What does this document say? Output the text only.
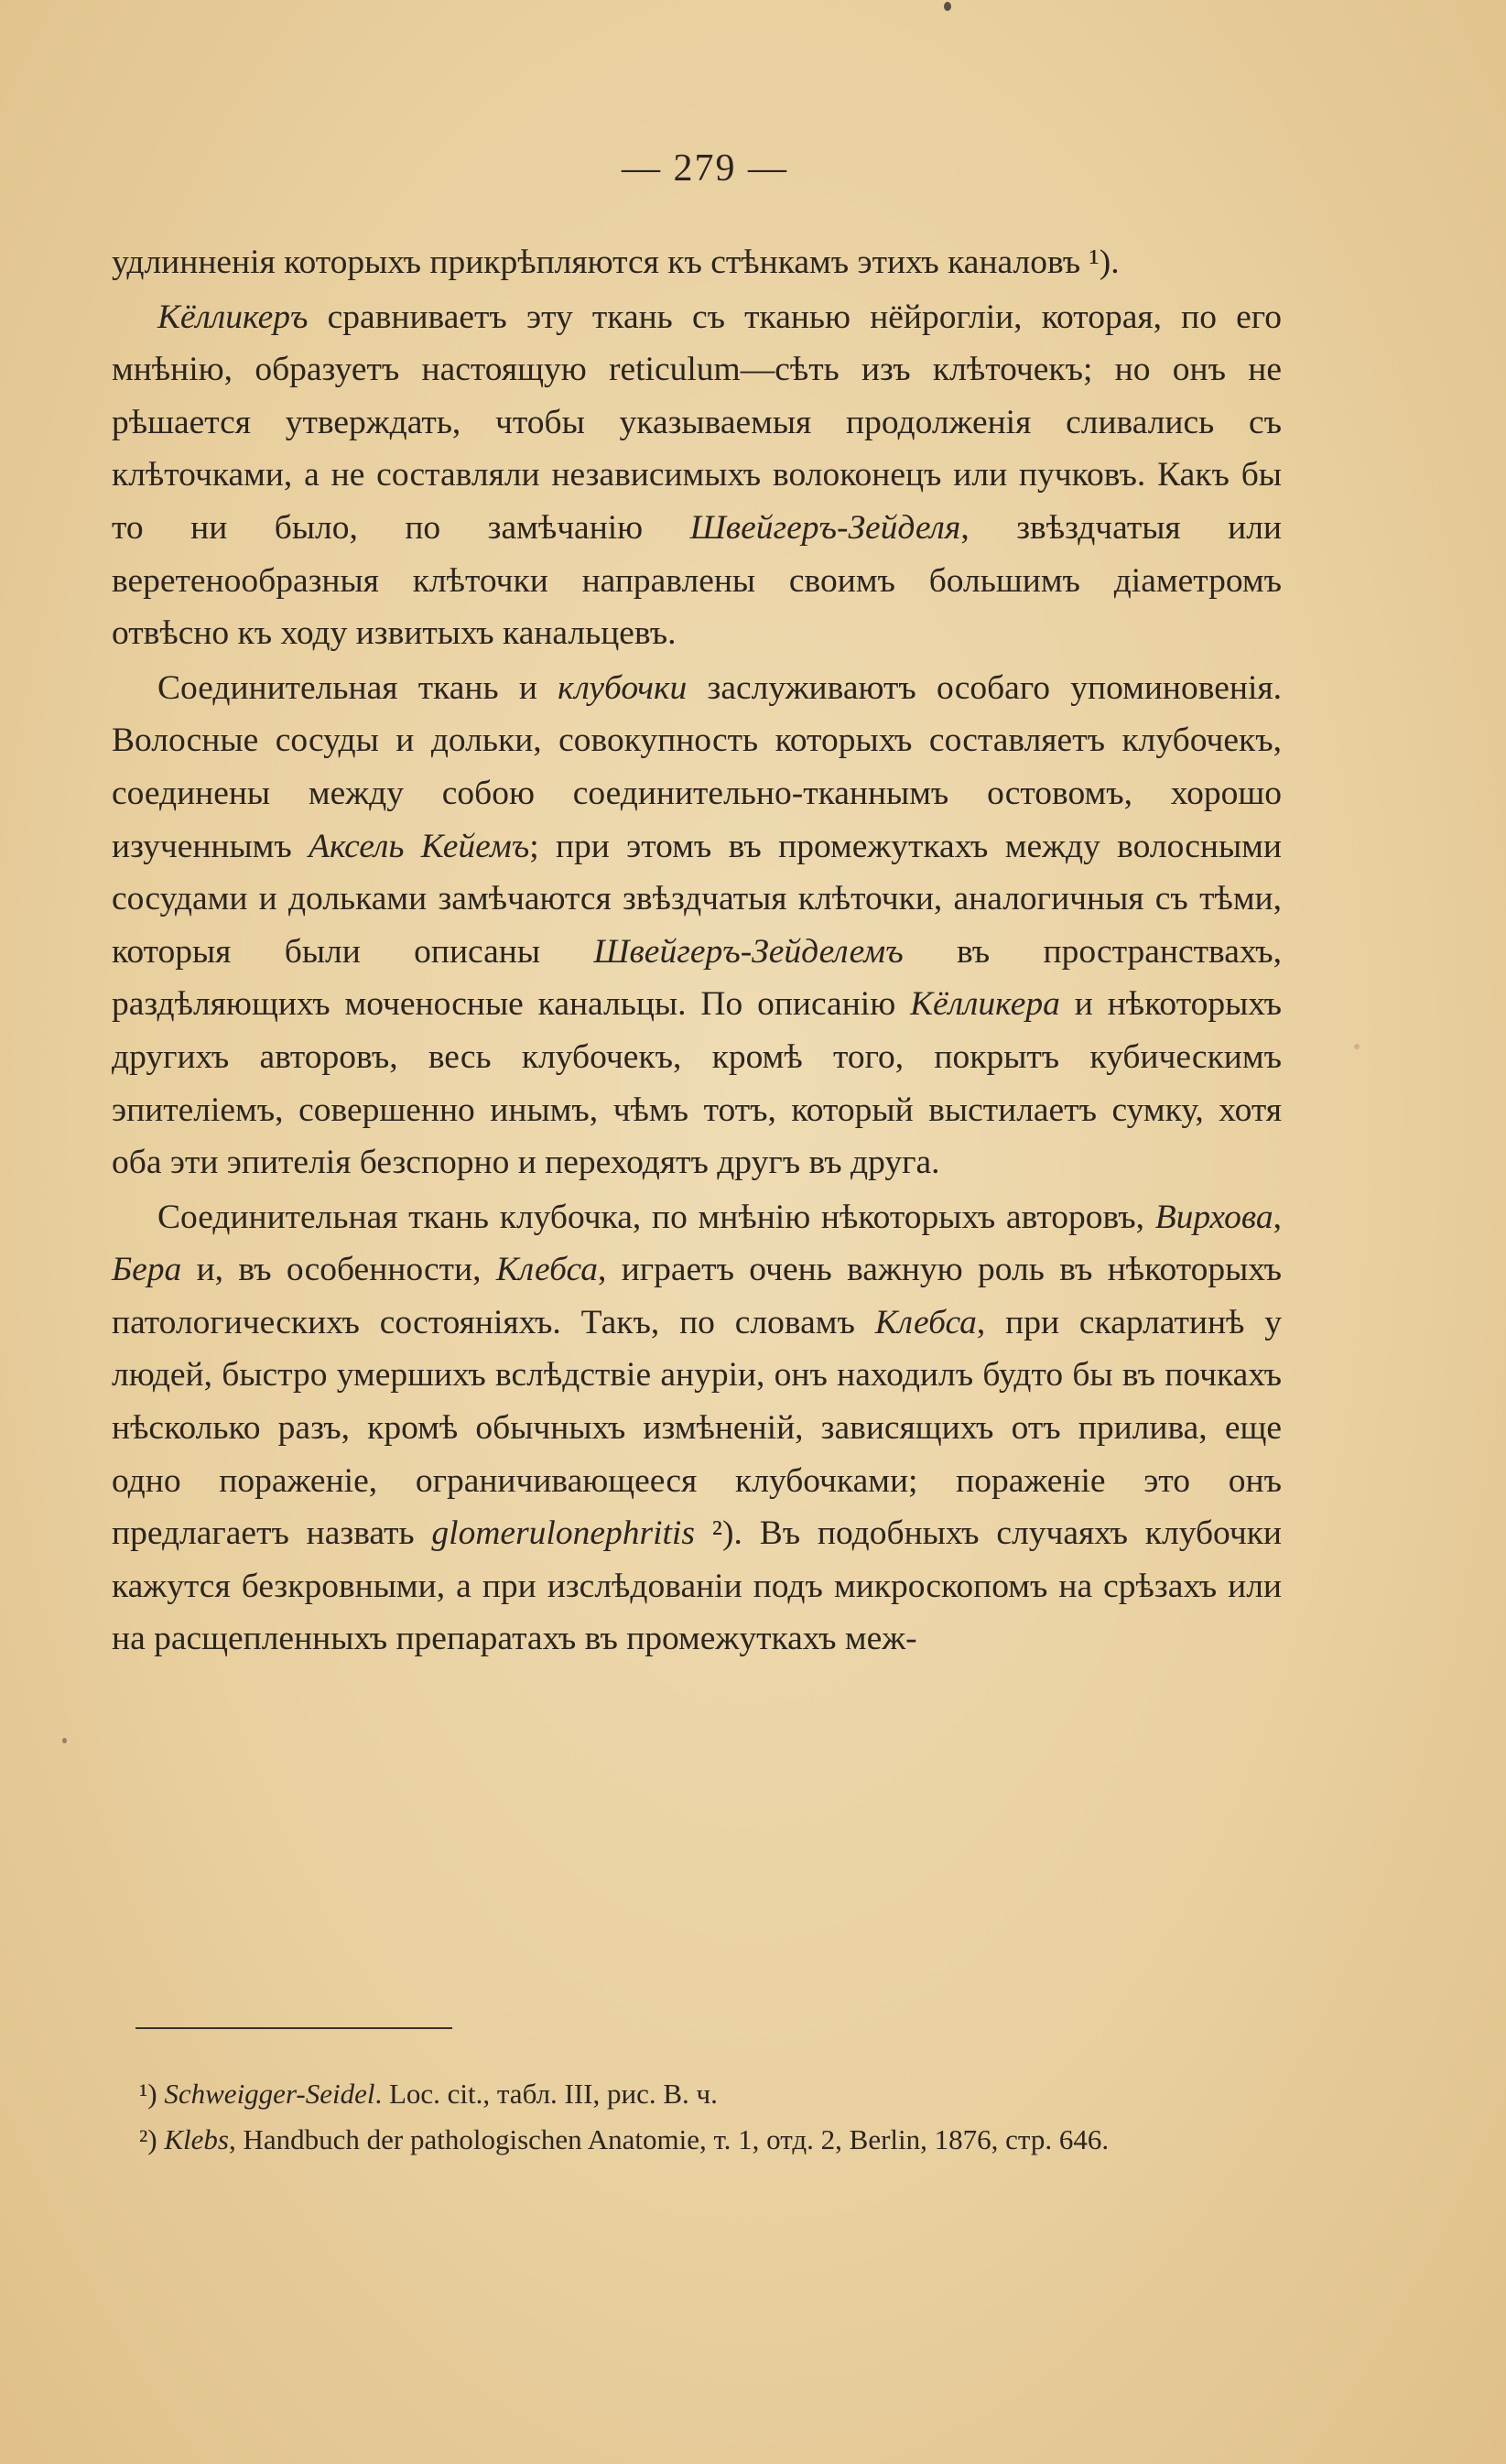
— 279 —

удлинненія которыхъ прикрѣпляются къ стѣнкамъ этихъ каналовъ ¹).

Кёлликеръ сравниваетъ эту ткань съ тканью нёйрогліи, которая, по его мнѣнію, образуетъ настоящую reticulum—сѣть изъ клѣточекъ; но онъ не рѣшается утверждать, чтобы указываемыя продолженія сливались съ клѣточками, а не составляли независимыхъ волоконецъ или пучковъ. Какъ бы то ни было, по замѣчанію Швейгеръ-Зейделя, звѣздчатыя или веретенообразныя клѣточки направлены своимъ большимъ діаметромъ отвѣсно къ ходу извитыхъ канальцевъ.

Соединительная ткань и клубочки заслуживаютъ особаго упоминовенія. Волосные сосуды и дольки, совокупность которыхъ составляетъ клубочекъ, соединены между собою соединительно-тканнымъ остовомъ, хорошо изученнымъ Аксель Кейемъ; при этомъ въ промежуткахъ между волосными сосудами и дольками замѣчаются звѣздчатыя клѣточки, аналогичныя съ тѣми, которыя были описаны Швейгеръ-Зейделемъ въ пространствахъ, раздѣляющихъ моченосные канальцы. По описанію Кёлликера и нѣкоторыхъ другихъ авторовъ, весь клубочекъ, кромѣ того, покрытъ кубическимъ эпителіемъ, совершенно инымъ, чѣмъ тотъ, который выстилаетъ сумку, хотя оба эти эпителія безспорно и переходятъ другъ въ друга.

Соединительная ткань клубочка, по мнѣнію нѣкоторыхъ авторовъ, Вирхова, Бера и, въ особенности, Клебса, играетъ очень важную роль въ нѣкоторыхъ патологическихъ состояніяхъ. Такъ, по словамъ Клебса, при скарлатинѣ у людей, быстро умершихъ вслѣдствіе ануріи, онъ находилъ будто бы въ почкахъ нѣсколько разъ, кромѣ обычныхъ измѣненій, зависящихъ отъ прилива, еще одно пораженіе, ограничивающееся клубочками; пораженіе это онъ предлагаетъ назвать glomerulonephritis ²). Въ подобныхъ случаяхъ клубочки кажутся безкровными, а при изслѣдованіи подъ микроскопомъ на срѣзахъ или на расщепленныхъ препаратахъ въ промежуткахъ меж-

¹) Schweigger-Seidel. Loc. cit., табл. III, рис. B. ч.

²) Klebs, Handbuch der pathologischen Anatomie, т. 1, отд. 2, Berlin, 1876, стр. 646.
